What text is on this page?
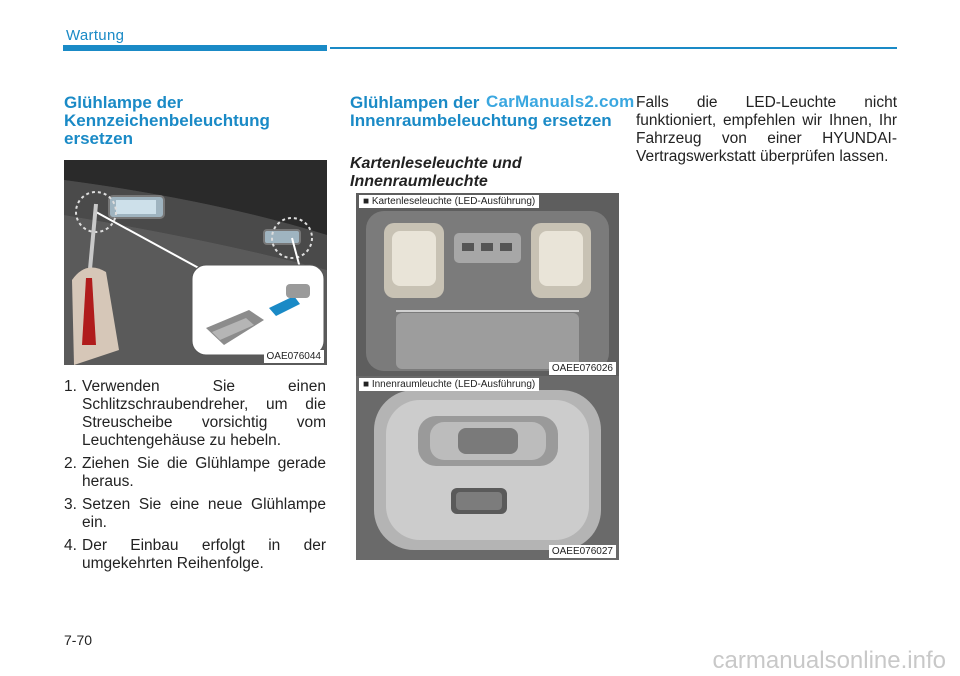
Wartung
Glühlampe der Kennzeichenbeleuchtung ersetzen
OAE076044
1. Verwenden Sie einen Schlitzschraubendreher, um die Streuscheibe vorsichtig vom Leuchtengehäuse zu hebeln.
2. Ziehen Sie die Glühlampe gerade heraus.
3. Setzen Sie eine neue Glühlampe ein.
4. Der Einbau erfolgt in der umgekehrten Reihenfolge.
Glühlampen der Innenraumbeleuchtung ersetzen
CarManuals2.com
Kartenleseleuchte und Innenraumleuchte
■ Kartenleseleuchte (LED-Ausführung)
OAEE076026
■ Innenraumleuchte (LED-Ausführung)
OAEE076027
Falls die LED-Leuchte nicht funktioniert, empfehlen wir Ihnen, Ihr Fahrzeug von einer HYUNDAI-Vertragswerkstatt überprüfen lassen.
7-70
carmanualsonline.info
